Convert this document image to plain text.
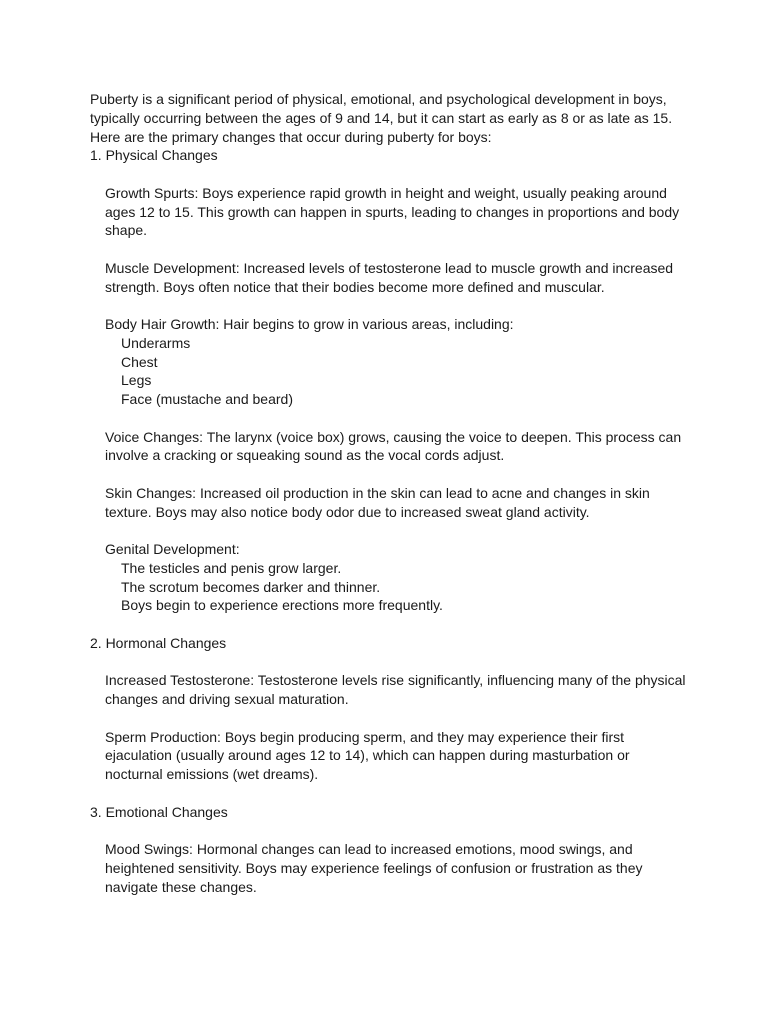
Puberty is a significant period of physical, emotional, and psychological development in boys, typically occurring between the ages of 9 and 14, but it can start as early as 8 or as late as 15. Here are the primary changes that occur during puberty for boys:

1. Physical Changes

Growth Spurts: Boys experience rapid growth in height and weight, usually peaking around ages 12 to 15. This growth can happen in spurts, leading to changes in proportions and body shape.

Muscle Development: Increased levels of testosterone lead to muscle growth and increased strength. Boys often notice that their bodies become more defined and muscular.

Body Hair Growth: Hair begins to grow in various areas, including:

Underarms

Chest

Legs

Face (mustache and beard)

Voice Changes: The larynx (voice box) grows, causing the voice to deepen. This process can involve a cracking or squeaking sound as the vocal cords adjust.

Skin Changes: Increased oil production in the skin can lead to acne and changes in skin texture. Boys may also notice body odor due to increased sweat gland activity.

Genital Development:

The testicles and penis grow larger.

The scrotum becomes darker and thinner.

Boys begin to experience erections more frequently.

2. Hormonal Changes

Increased Testosterone: Testosterone levels rise significantly, influencing many of the physical changes and driving sexual maturation.

Sperm Production: Boys begin producing sperm, and they may experience their first ejaculation (usually around ages 12 to 14), which can happen during masturbation or nocturnal emissions (wet dreams).

3. Emotional Changes

Mood Swings: Hormonal changes can lead to increased emotions, mood swings, and heightened sensitivity. Boys may experience feelings of confusion or frustration as they navigate these changes.
